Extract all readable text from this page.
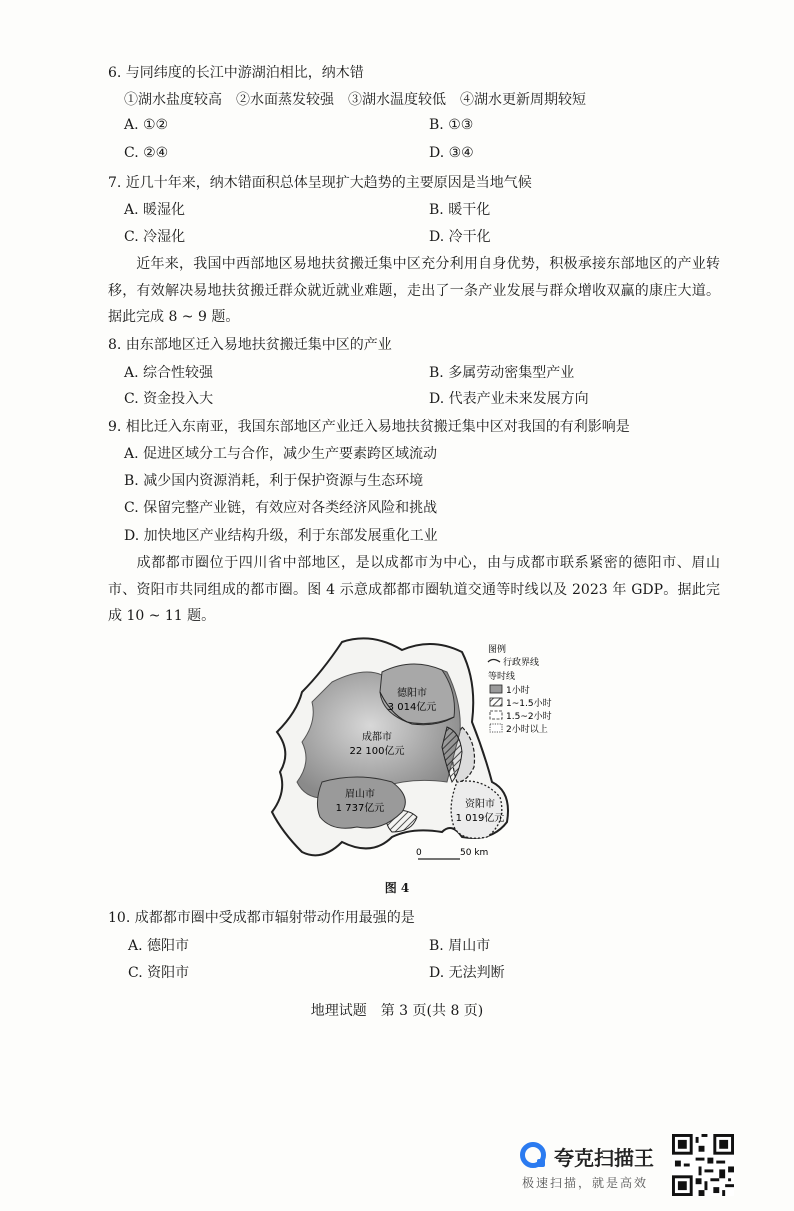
6. 与同纬度的长江中游湖泊相比，纳木错
①湖水盐度较高　②水面蒸发较强　③湖水温度较低　④湖水更新周期较短
A. ①②	B. ①③
C. ②④	D. ③④
7. 近几十年来，纳木错面积总体呈现扩大趋势的主要原因是当地气候
A. 暖湿化	B. 暖干化
C. 冷湿化	D. 冷干化
近年来，我国中西部地区易地扶贫搬迁集中区充分利用自身优势，积极承接东部地区的产业转移，有效解决易地扶贫搬迁群众就近就业难题，走出了一条产业发展与群众增收双赢的康庄大道。据此完成 8 ~ 9 题。
8. 由东部地区迁入易地扶贫搬迁集中区的产业
A. 综合性较强	B. 多属劳动密集型产业
C. 资金投入大	D. 代表产业未来发展方向
9. 相比迁入东南亚，我国东部地区产业迁入易地扶贫搬迁集中区对我国的有利影响是
A. 促进区域分工与合作，减少生产要素跨区域流动
B. 减少国内资源消耗，利于保护资源与生态环境
C. 保留完整产业链，有效应对各类经济风险和挑战
D. 加快地区产业结构升级，利于东部发展重化工业
成都都市圈位于四川省中部地区，是以成都市为中心，由与成都市联系紧密的德阳市、眉山市、资阳市共同组成的都市圈。图 4 示意成都都市圈轨道交通等时线以及 2023 年 GDP。据此完成 10 ~ 11 题。
德阳市
3 014亿元
成都市
22 100亿元
眉山市
1 737亿元	资阳市
1 019亿元
图例
行政界线
等时线
1小时
1~1.5小时
1.5~2小时
2小时以上
0	50 km
图 4
10. 成都都市圈中受成都市辐射带动作用最强的是
A. 德阳市	B. 眉山市
C. 资阳市	D. 无法判断
地理试题　第 3 页(共 8 页)
夸克扫描王
极速扫描，就是高效
